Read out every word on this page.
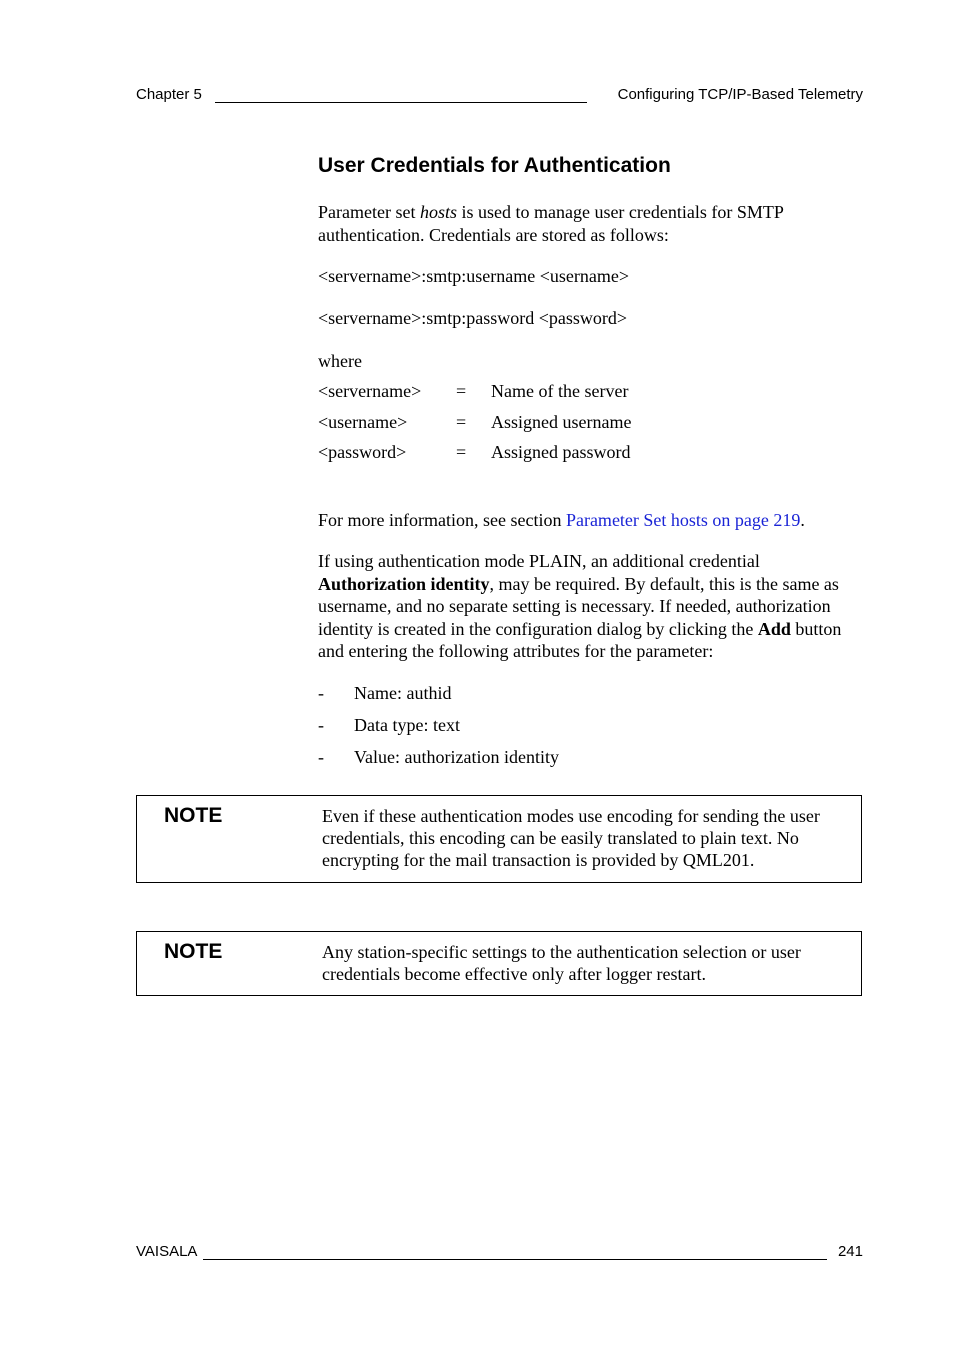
Chapter 5	Configuring TCP/IP-Based Telemetry
User Credentials for Authentication

Parameter set hosts is used to manage user credentials for SMTP authentication. Credentials are stored as follows:

<servername>:smtp:username <username>

<servername>:smtp:password <password>

where

<servername> = Name of the server
<username>	= Assigned username
<password>	= Assigned password

For more information, see section Parameter Set hosts on page 219.

If using authentication mode PLAIN, an additional credential Authorization identity, may be required. By default, this is the same as username, and no separate setting is necessary. If needed, authorization identity is created in the configuration dialog by clicking the Add button and entering the following attributes for the parameter:

- Name: authid
- Data type: text
- Value: authorization identity
NOTE	Even if these authentication modes use encoding for sending the user credentials, this encoding can be easily translated to plain text. No encrypting for the mail transaction is provided by QML201.
NOTE	Any station-specific settings to the authentication selection or user credentials become effective only after logger restart.
VAISALA	241
